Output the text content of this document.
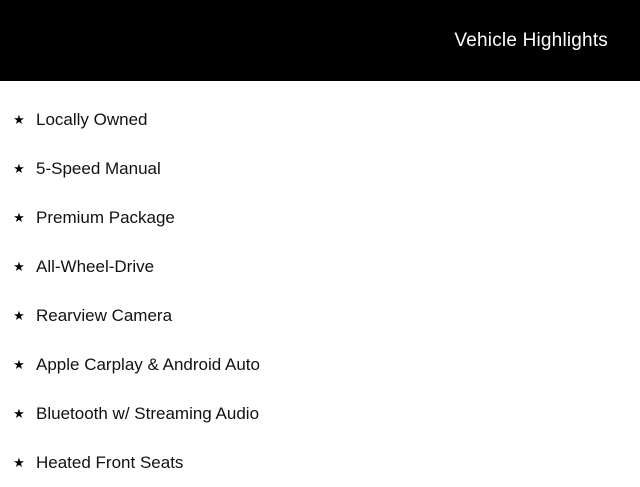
Vehicle Highlights
★ Locally Owned
★ 5-Speed Manual
★ Premium Package
★ All-Wheel-Drive
★ Rearview Camera
★ Apple Carplay & Android Auto
★ Bluetooth w/ Streaming Audio
★ Heated Front Seats
